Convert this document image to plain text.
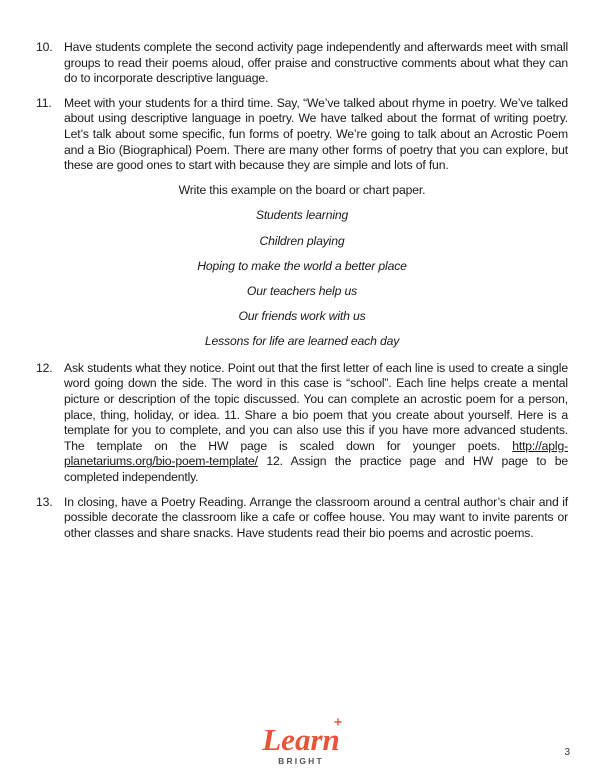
10. Have students complete the second activity page independently and afterwards meet with small groups to read their poems aloud, offer praise and constructive comments about what they can do to incorporate descriptive language.
11.	Meet with your students for a third time. Say, “We’ve talked about rhyme in poetry. We’ve talked about using descriptive language in poetry. We have talked about the format of writing poetry. Let’s talk about some specific, fun forms of poetry. We’re going to talk about an Acrostic Poem and a Bio (Biographical) Poem. There are many other forms of poetry that you can explore, but these are good ones to start with because they are simple and lots of fun.

Write this example on the board or chart paper.

Students learning

Children playing

Hoping to make the world a better place

Our teachers help us

Our friends work with us

Lessons for life are learned each day

12. Ask students what they notice. Point out that the first letter of each line is used to create a single word going down the side. The word in this case is “school”. Each line helps create a mental picture or description of the topic discussed. You can complete an acrostic poem for a person, place, thing, holiday, or idea. 11. Share a bio poem that you create about yourself. Here is a template for you to complete, and you can also use this if you have more advanced students. The template on the HW page is scaled down for younger poets. http://aplg-planetariums.org/bio-poem-template/ 12. Assign the practice page and HW page to be completed independently.
13. In closing, have a Poetry Reading. Arrange the classroom around a central author’s chair and if possible decorate the classroom like a cafe or coffee house. You may want to invite parents or other classes and share snacks. Have students read their bio poems and acrostic poems.
Learn
BRIGHT
3
